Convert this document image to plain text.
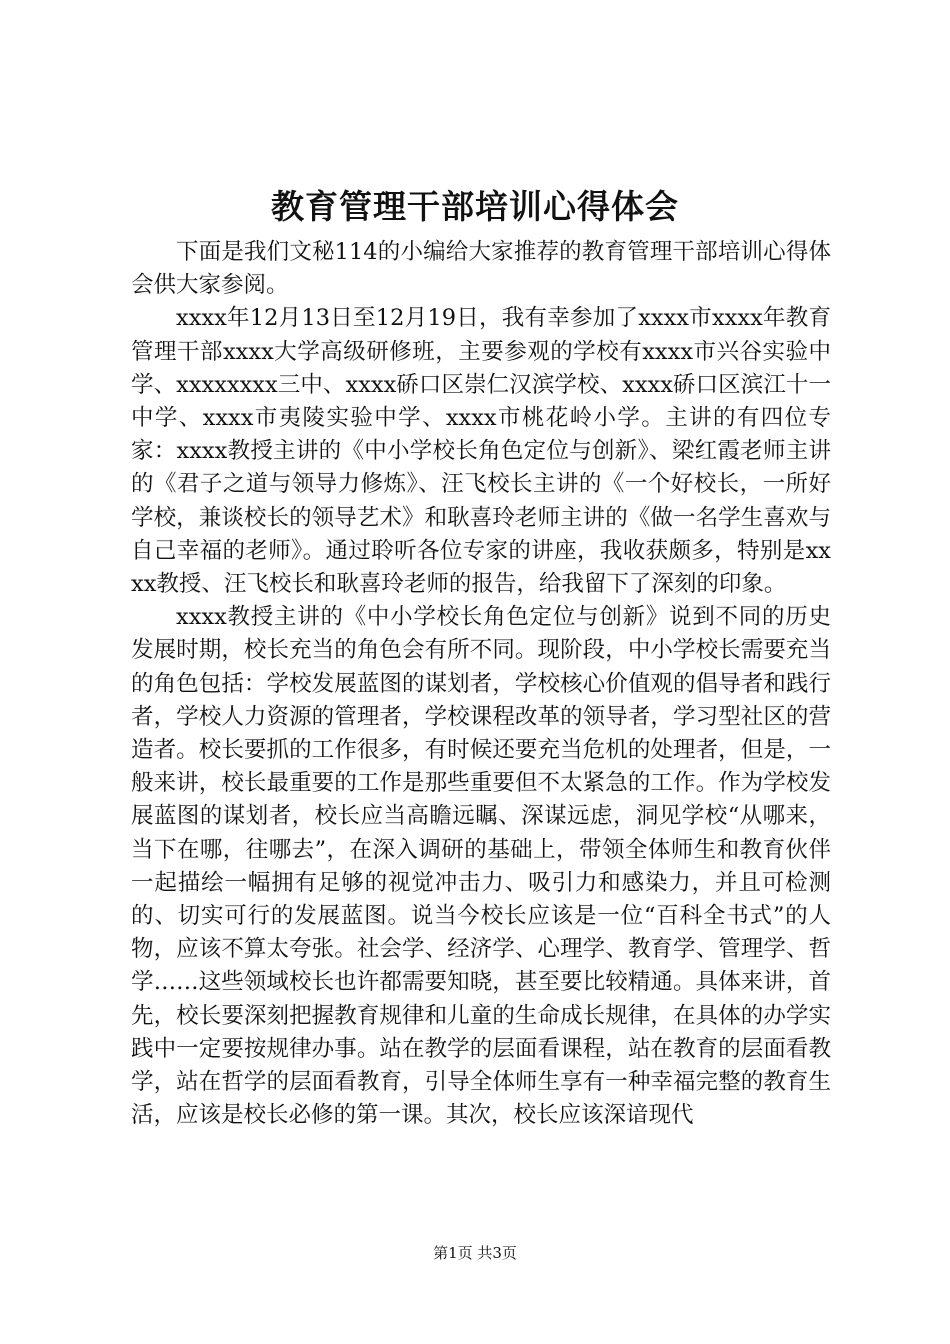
教育管理干部培训心得体会

下面是我们文秘114的小编给大家推荐的教育管理干部培训心得体会供大家参阅。

xxxx年12月13日至12月19日，我有幸参加了xxxx市xxxx年教育管理干部xxxx大学高级研修班，主要参观的学校有xxxx市兴谷实验中学、xxxxxxxx三中、xxxx硚口区崇仁汉滨学校、xxxx硚口区滨江十一中学、xxxx市夷陵实验中学、xxxx市桃花岭小学。主讲的有四位专家：xxxx教授主讲的《中小学校长角色定位与创新》、梁红霞老师主讲的《君子之道与领导力修炼》、汪飞校长主讲的《一个好校长，一所好学校，兼谈校长的领导艺术》和耿喜玲老师主讲的《做一名学生喜欢与自己幸福的老师》。通过聆听各位专家的讲座，我收获颇多，特别是xxxx教授、汪飞校长和耿喜玲老师的报告，给我留下了深刻的印象。

xxxx教授主讲的《中小学校长角色定位与创新》说到不同的历史发展时期，校长充当的角色会有所不同。现阶段，中小学校长需要充当的角色包括：学校发展蓝图的谋划者，学校核心价值观的倡导者和践行者，学校人力资源的管理者，学校课程改革的领导者，学习型社区的营造者。校长要抓的工作很多，有时候还要充当危机的处理者，但是，一般来讲，校长最重要的工作是那些重要但不太紧急的工作。作为学校发展蓝图的谋划者，校长应当高瞻远瞩、深谋远虑，洞见学校“从哪来，当下在哪，往哪去”，在深入调研的基础上，带领全体师生和教育伙伴一起描绘一幅拥有足够的视觉冲击力、吸引力和感染力，并且可检测的、切实可行的发展蓝图。说当今校长应该是一位“百科全书式”的人物，应该不算太夸张。社会学、经济学、心理学、教育学、管理学、哲学……这些领域校长也许都需要知晓，甚至要比较精通。具体来讲，首先，校长要深刻把握教育规律和儿童的生命成长规律，在具体的办学实践中一定要按规律办事。站在教学的层面看课程，站在教育的层面看教学，站在哲学的层面看教育，引导全体师生享有一种幸福完整的教育生活，应该是校长必修的第一课。其次，校长应该深谙现代

第1页 共3页
